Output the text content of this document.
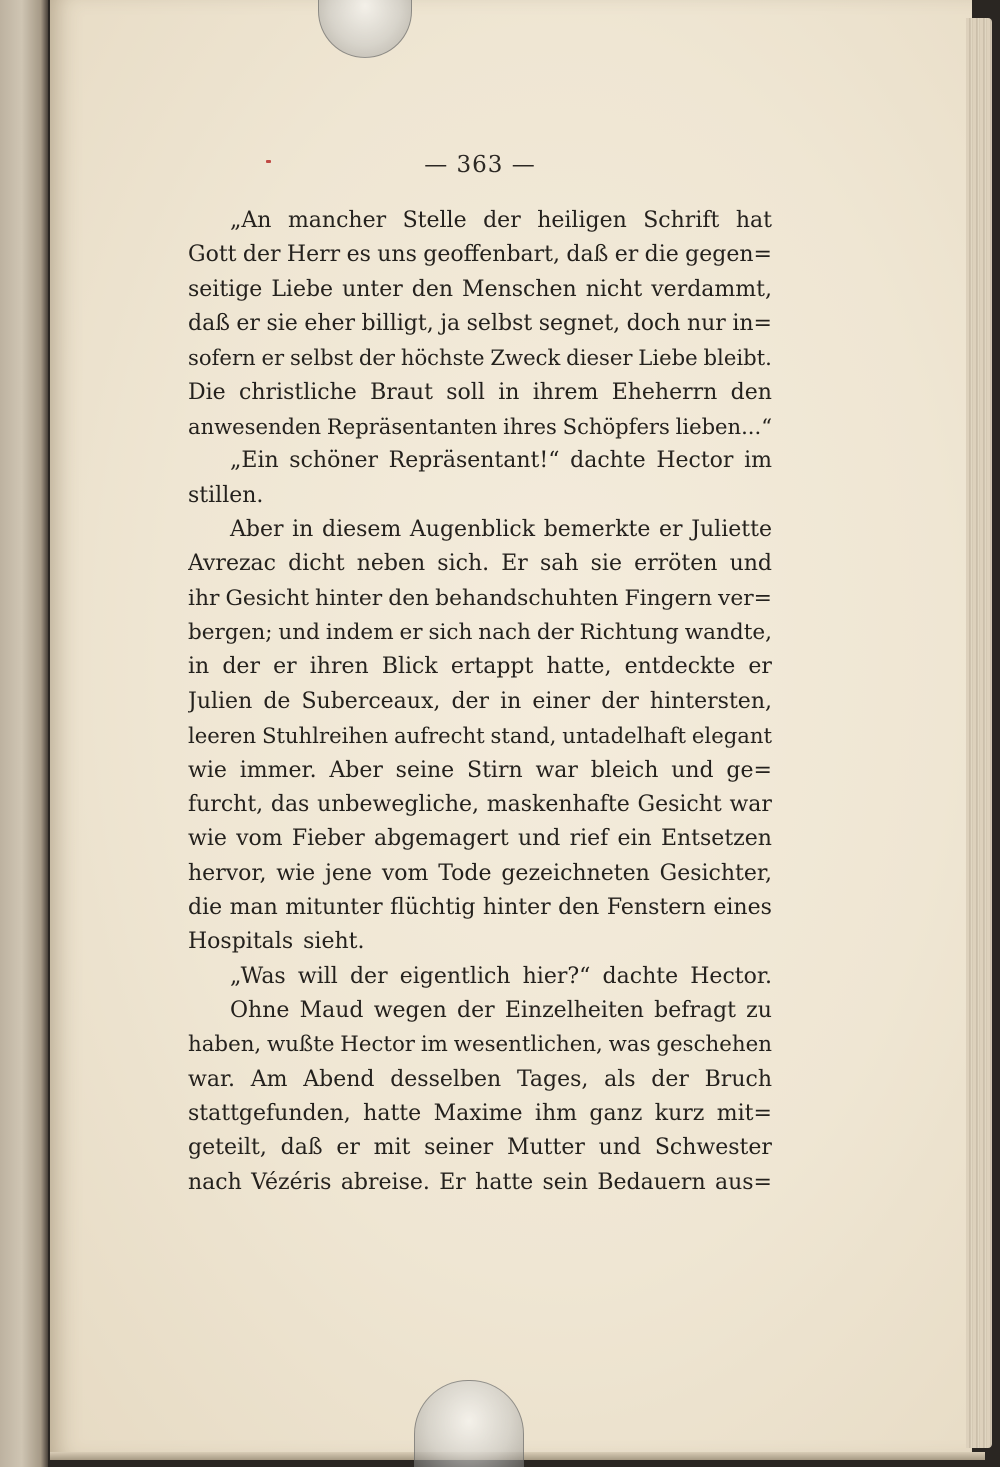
— 363 —
„An mancher Stelle der heiligen Schrift hat
Gott der Herr es uns geoffenbart, daß er die gegen=
seitige Liebe unter den Menschen nicht verdammt,
daß er sie eher billigt, ja selbst segnet, doch nur in=
sofern er selbst der höchste Zweck dieser Liebe bleibt.
Die christliche Braut soll in ihrem Eheherrn den
anwesenden Repräsentanten ihres Schöpfers lieben...“
„Ein schöner Repräsentant!“ dachte Hector im
stillen.
Aber in diesem Augenblick bemerkte er Juliette
Avrezac dicht neben sich. Er sah sie erröten und
ihr Gesicht hinter den behandschuhten Fingern ver=
bergen; und indem er sich nach der Richtung wandte,
in der er ihren Blick ertappt hatte, entdeckte er
Julien de Suberceaux, der in einer der hintersten,
leeren Stuhlreihen aufrecht stand, untadelhaft elegant
wie immer. Aber seine Stirn war bleich und ge=
furcht, das unbewegliche, maskenhafte Gesicht war
wie vom Fieber abgemagert und rief ein Entsetzen
hervor, wie jene vom Tode gezeichneten Gesichter,
die man mitunter flüchtig hinter den Fenstern eines
Hospitals sieht.
„Was will der eigentlich hier?“ dachte Hector.
Ohne Maud wegen der Einzelheiten befragt zu
haben, wußte Hector im wesentlichen, was geschehen
war. Am Abend desselben Tages, als der Bruch
stattgefunden, hatte Maxime ihm ganz kurz mit=
geteilt, daß er mit seiner Mutter und Schwester
nach Vézéris abreise. Er hatte sein Bedauern aus=
